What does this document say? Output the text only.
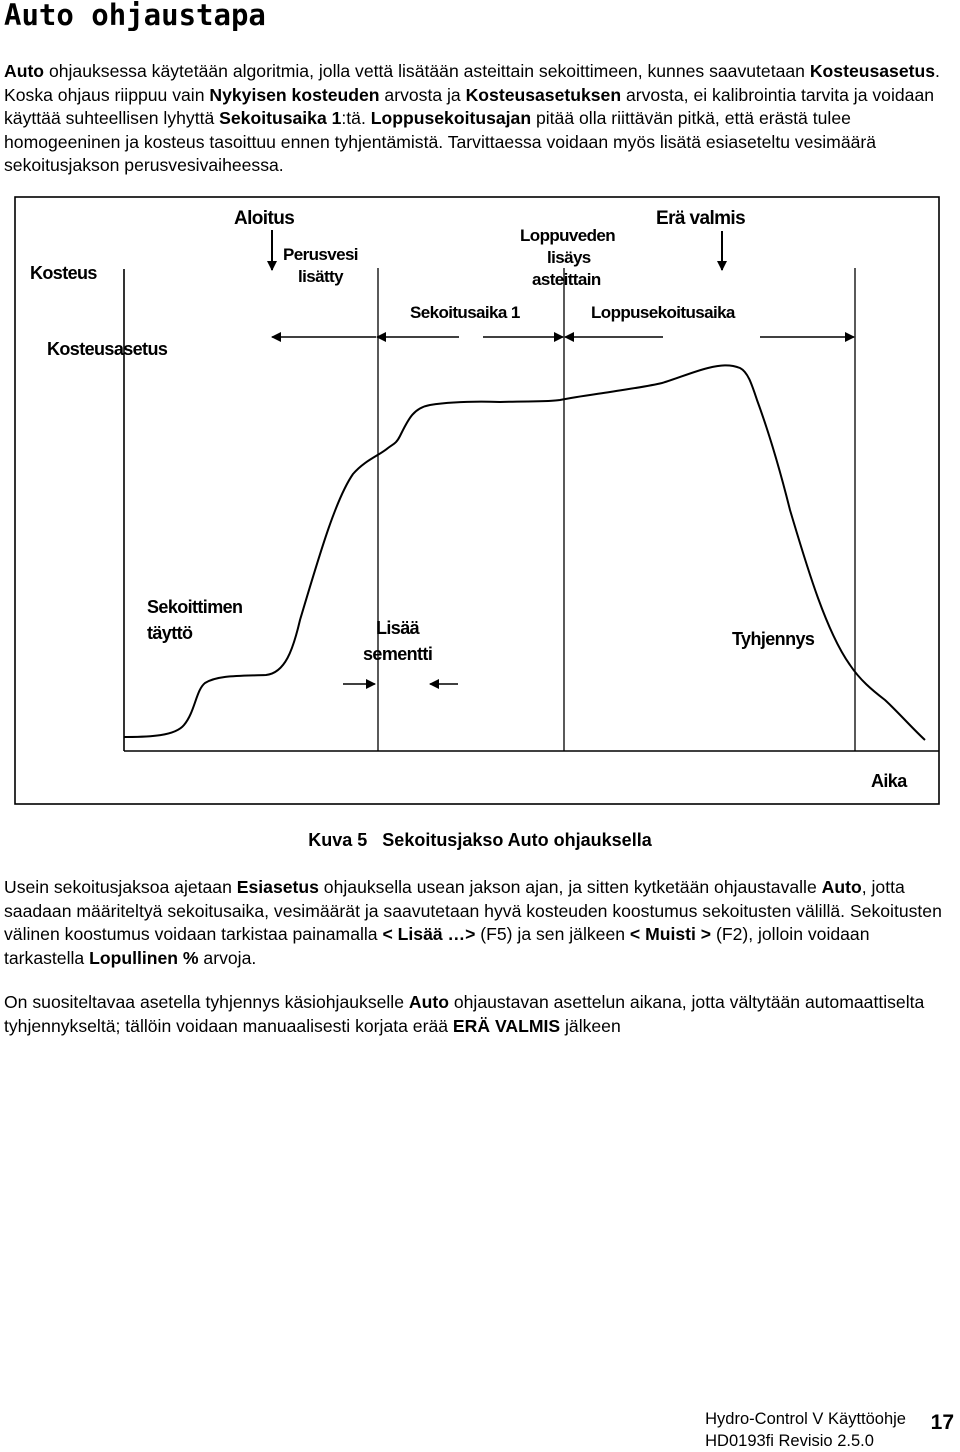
Auto ohjaustapa

Auto ohjauksessa käytetään algoritmia, jolla vettä lisätään asteittain sekoittimeen, kunnes saavutetaan Kosteusasetus. Koska ohjaus riippuu vain Nykyisen kosteuden arvosta ja Kosteusasetuksen arvosta, ei kalibrointia tarvita ja voidaan käyttää suhteellisen lyhyttä Sekoitusaika 1:tä. Loppusekoitusajan pitää olla riittävän pitkä, että erästä tulee homogeeninen ja kosteus tasoittuu ennen tyhjentämistä. Tarvittaessa voidaan myös lisätä esiaseteltu vesimäärä sekoitusjakson perusvesivaiheessa.

Kosteus
Kosteusasetus
Aloitus
Perusvesi
lisätty
Loppuveden
lisäys
asteittain
Erä valmis
Sekoitusaika 1	Loppusekoitusaika
Sekoittimen
täyttö	Lisää
sementti
Tyhjennys
Aika
Kuva 5   Sekoitusjakso Auto ohjauksella

Usein sekoitusjaksoa ajetaan Esiasetus ohjauksella usean jakson ajan, ja sitten kytketään ohjaustavalle Auto, jotta saadaan määriteltyä sekoitusaika, vesimäärät ja saavutetaan hyvä kosteuden koostumus sekoitusten välillä. Sekoitusten välinen koostumus voidaan tarkistaa painamalla < Lisää …> (F5) ja sen jälkeen < Muisti > (F2), jolloin voidaan tarkastella Lopullinen % arvoja.

On suositeltavaa asetella tyhjennys käsiohjaukselle Auto ohjaustavan asettelun aikana, jotta vältytään automaattiselta tyhjennykseltä; tällöin voidaan manuaalisesti korjata erää ERÄ VALMIS jälkeen

Hydro-Control V Käyttöohje
HD0193fi Revisio 2.5.0
17
